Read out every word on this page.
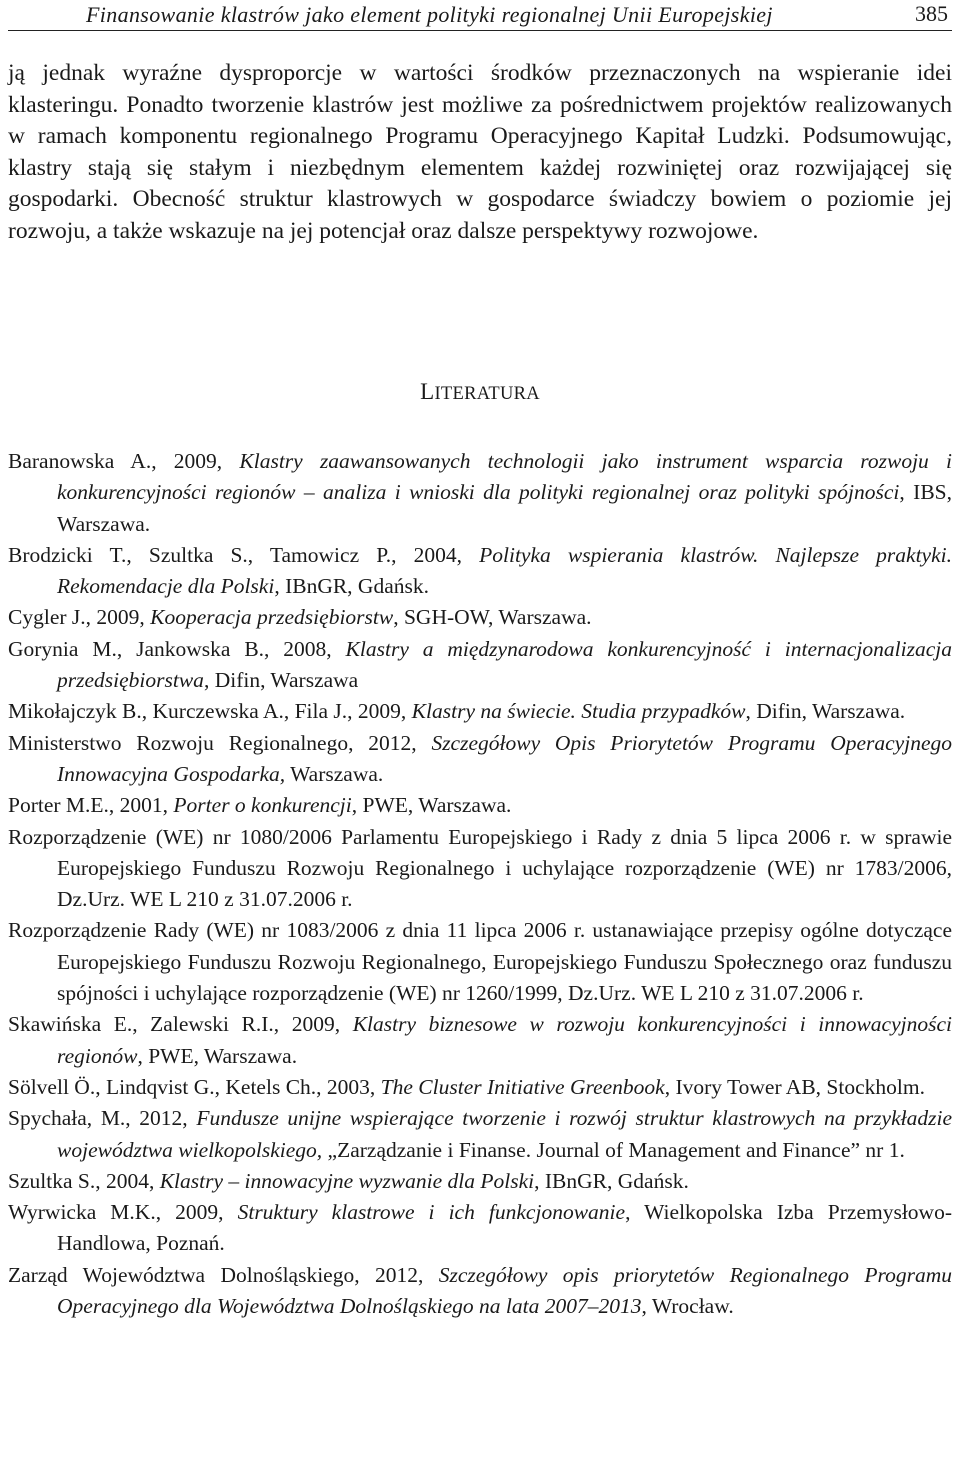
Finansowanie klastrów jako element polityki regionalnej Unii Europejskiej	385
ją jednak wyraźne dysproporcje w wartości środków przeznaczonych na wspieranie idei klasteringu. Ponadto tworzenie klastrów jest możliwe za pośrednictwem projektów realizowanych w ramach komponentu regionalnego Programu Operacyjnego Kapitał Ludzki. Podsumowując, klastry stają się stałym i niezbędnym elementem każdej rozwiniętej oraz rozwijającej się gospodarki. Obecność struktur klastrowych w gospodarce świadczy bowiem o poziomie jej rozwoju, a także wskazuje na jej potencjał oraz dalsze perspektywy rozwojowe.
LITERATURA
Baranowska A., 2009, Klastry zaawansowanych technologii jako instrument wsparcia rozwoju i konkurencyjności regionów – analiza i wnioski dla polityki regionalnej oraz polityki spójności, IBS, Warszawa.
Brodzicki T., Szultka S., Tamowicz P., 2004, Polityka wspierania klastrów. Najlepsze praktyki. Rekomendacje dla Polski, IBnGR, Gdańsk.
Cygler J., 2009, Kooperacja przedsiębiorstw, SGH-OW, Warszawa.
Gorynia M., Jankowska B., 2008, Klastry a międzynarodowa konkurencyjność i internacjonalizacja przedsiębiorstwa, Difin, Warszawa
Mikołajczyk B., Kurczewska A., Fila J., 2009, Klastry na świecie. Studia przypadków, Difin, Warszawa.
Ministerstwo Rozwoju Regionalnego, 2012, Szczegółowy Opis Priorytetów Programu Operacyjnego Innowacyjna Gospodarka, Warszawa.
Porter M.E., 2001, Porter o konkurencji, PWE, Warszawa.
Rozporządzenie (WE) nr 1080/2006 Parlamentu Europejskiego i Rady z dnia 5 lipca 2006 r. w sprawie Europejskiego Funduszu Rozwoju Regionalnego i uchylające rozporządzenie (WE) nr 1783/2006, Dz.Urz. WE L 210 z 31.07.2006 r.
Rozporządzenie Rady (WE) nr 1083/2006 z dnia 11 lipca 2006 r. ustanawiające przepisy ogólne dotyczące Europejskiego Funduszu Rozwoju Regionalnego, Europejskiego Funduszu Społecznego oraz funduszu spójności i uchylające rozporządzenie (WE) nr 1260/1999, Dz.Urz. WE L 210 z 31.07.2006 r.
Skawińska E., Zalewski R.I., 2009, Klastry biznesowe w rozwoju konkurencyjności i innowacyjności regionów, PWE, Warszawa.
Sölvell Ö., Lindqvist G., Ketels Ch., 2003, The Cluster Initiative Greenbook, Ivory Tower AB, Stockholm.
Spychała, M., 2012, Fundusze unijne wspierające tworzenie i rozwój struktur klastrowych na przykładzie województwa wielkopolskiego, „Zarządzanie i Finanse. Journal of Management and Finance” nr 1.
Szultka S., 2004, Klastry – innowacyjne wyzwanie dla Polski, IBnGR, Gdańsk.
Wyrwicka M.K., 2009, Struktury klastrowe i ich funkcjonowanie, Wielkopolska Izba Przemysłowo-Handlowa, Poznań.
Zarząd Województwa Dolnośląskiego, 2012, Szczegółowy opis priorytetów Regionalnego Programu Operacyjnego dla Województwa Dolnośląskiego na lata 2007–2013, Wrocław.
